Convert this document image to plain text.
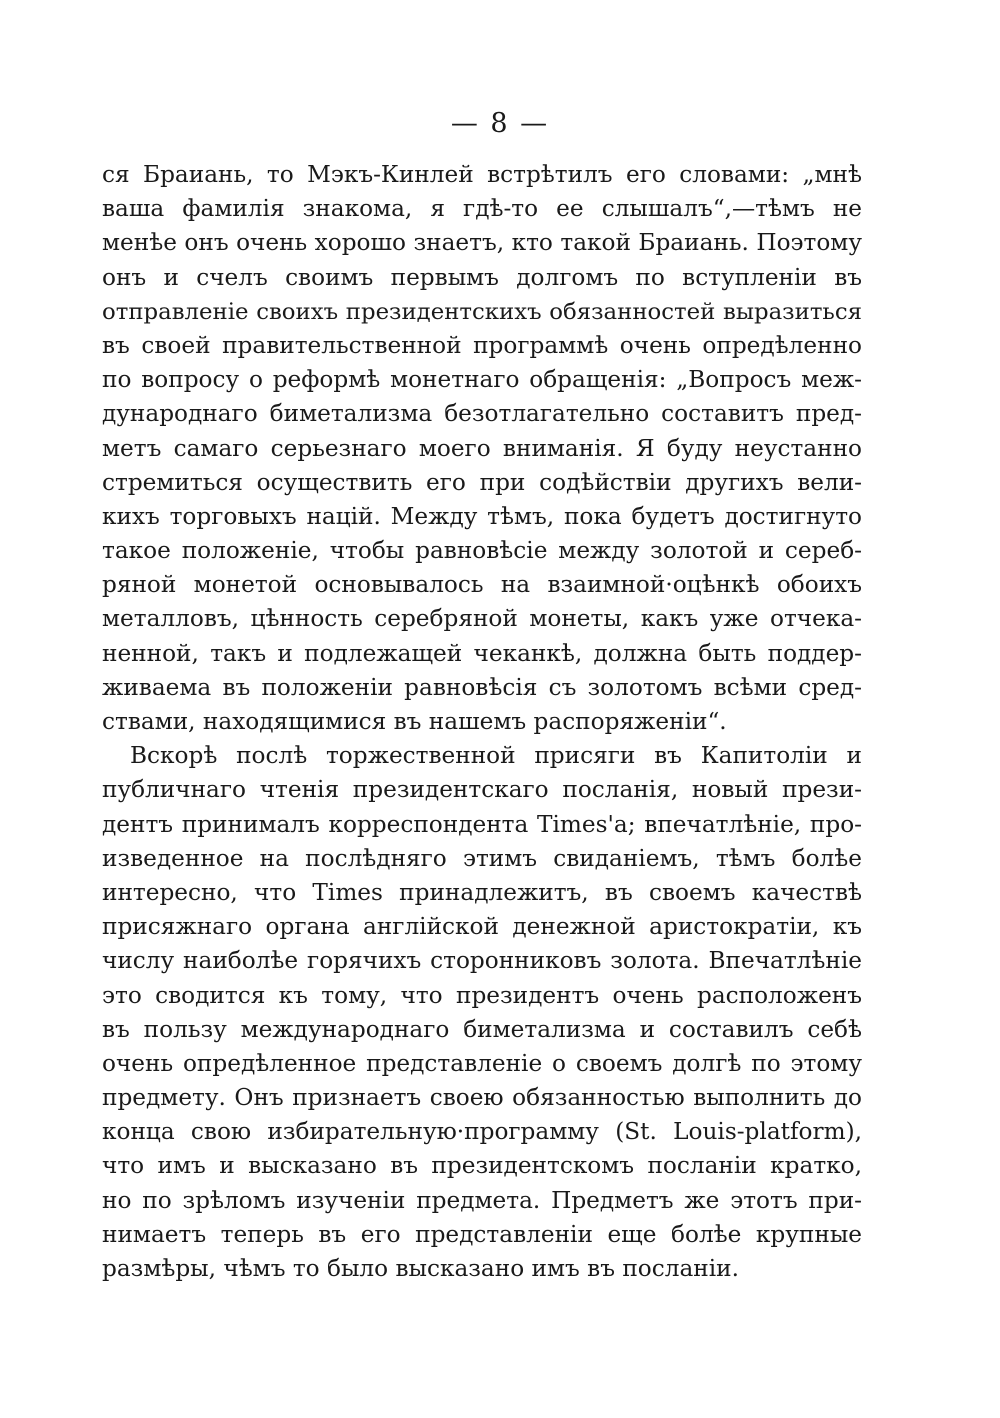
— 8 —
ся Браиань, то Мэкъ-Кинлей встрѣтилъ его словами: „мнѣ
ваша фамилія знакома, я гдѣ-то ее слышалъ“,—тѣмъ не
менѣе онъ очень хорошо знаетъ, кто такой Браиань. Поэтому
онъ и счелъ своимъ первымъ долгомъ по вступленіи въ
отправленіе своихъ президентскихъ обязанностей выразиться
въ своей правительственной программѣ очень опредѣленно
по вопросу о реформѣ монетнаго обращенія: „Вопросъ меж-
дународнаго биметализма безотлагательно составитъ пред-
метъ самаго серьезнаго моего вниманія. Я буду неустанно
стремиться осуществить его при содѣйствіи другихъ вели-
кихъ торговыхъ націй. Между тѣмъ, пока будетъ достигнуто
такое положеніе, чтобы равновѣсіе между золотой и сереб-
ряной монетой основывалось на взаимной·оцѣнкѣ обоихъ
металловъ, цѣнность серебряной монеты, какъ уже отчека-
ненной, такъ и подлежащей чеканкѣ, должна быть поддер-
живаема въ положеніи равновѣсія съ золотомъ всѣми сред-
ствами, находящимися въ нашемъ распоряженіи“.
Вскорѣ послѣ торжественной присяги въ Капитоліи и
публичнаго чтенія президентскаго посланія, новый прези-
дентъ принималъ корреспондента Times'а; впечатлѣніе, про-
изведенное на послѣдняго этимъ свиданіемъ, тѣмъ болѣе
интересно, что Times принадлежитъ, въ своемъ качествѣ
присяжнаго органа англійской денежной аристократіи, къ
числу наиболѣе горячихъ сторонниковъ золота. Впечатлѣніе
это сводится къ тому, что президентъ очень расположенъ
въ пользу международнаго биметализма и составилъ себѣ
очень опредѣленное представленіе о своемъ долгѣ по этому
предмету. Онъ признаетъ своею обязанностью выполнить до
конца свою избирательную·программу (St. Louis-platform),
что имъ и высказано въ президентскомъ посланіи кратко,
но по зрѣломъ изученіи предмета. Предметъ же этотъ при-
нимаетъ теперь въ его представленіи еще болѣе крупные
размѣры, чѣмъ то было высказано имъ въ посланіи.
